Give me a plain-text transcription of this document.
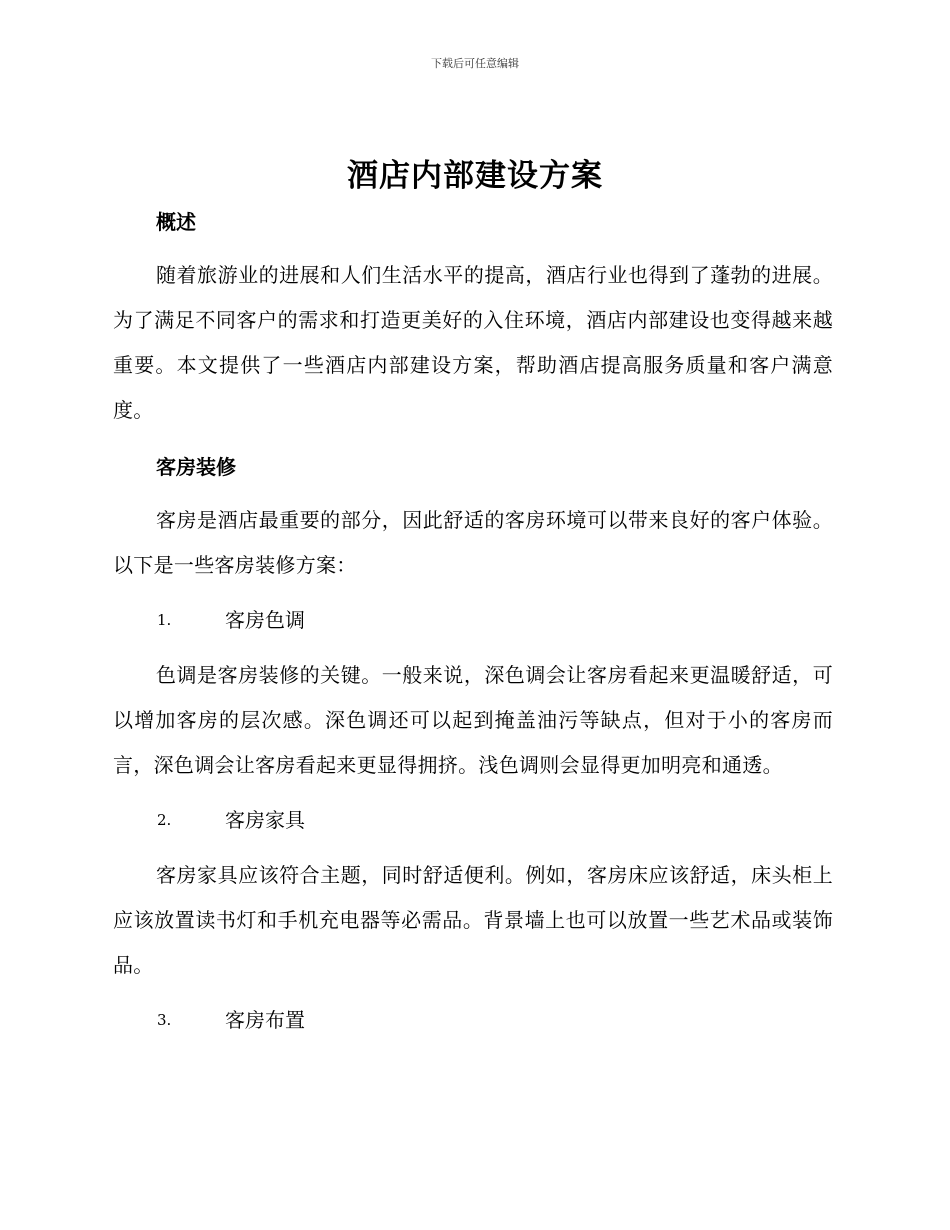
下载后可任意编辑
酒店内部建设方案

概述

随着旅游业的进展和人们生活水平的提高，酒店行业也得到了蓬勃的进展。为了满足不同客户的需求和打造更美好的入住环境，酒店内部建设也变得越来越重要。本文提供了一些酒店内部建设方案，帮助酒店提高服务质量和客户满意度。

客房装修

客房是酒店最重要的部分，因此舒适的客房环境可以带来良好的客户体验。以下是一些客房装修方案：

1.	客房色调

色调是客房装修的关键。一般来说，深色调会让客房看起来更温暖舒适，可以增加客房的层次感。深色调还可以起到掩盖油污等缺点，但对于小的客房而言，深色调会让客房看起来更显得拥挤。浅色调则会显得更加明亮和通透。

2.	客房家具

客房家具应该符合主题，同时舒适便利。例如，客房床应该舒适，床头柜上应该放置读书灯和手机充电器等必需品。背景墙上也可以放置一些艺术品或装饰品。

3.	客房布置
